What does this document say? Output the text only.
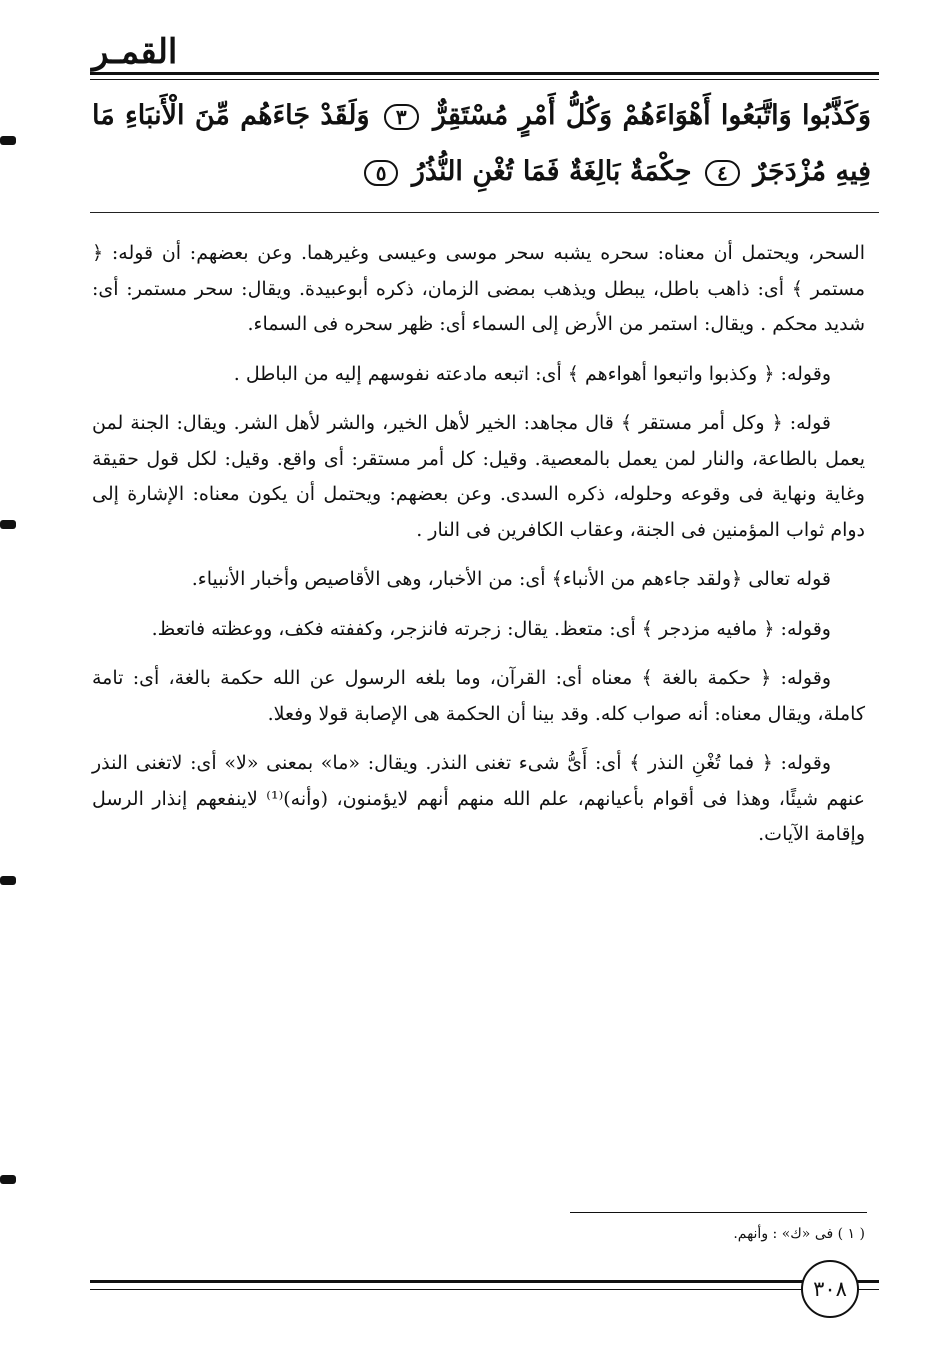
القمـر
وَكَذَّبُوا وَاتَّبَعُوا أَهْوَاءَهُمْ وَكُلُّ أَمْرٍ مُسْتَقِرٌّ ٣ وَلَقَدْ جَاءَهُم مِّنَ الْأَنبَاءِ مَا فِيهِ مُزْدَجَرٌ ٤ حِكْمَةٌ بَالِغَةٌ فَمَا تُغْنِ النُّذُرُ ٥

السحر، ويحتمل أن معناه: سحره يشبه سحر موسى وعيسى وغيرهما. وعن بعضهم: أن قوله: ﴿ مستمر ﴾ أى: ذاهب باطل، يبطل ويذهب بمضى الزمان، ذكره أبوعبيدة. ويقال: سحر مستمر: أى: شديد محكم . ويقال: استمر من الأرض إلى السماء أى: ظهر سحره فى السماء.

وقوله: ﴿ وكذبوا واتبعوا أهواءهم ﴾ أى: اتبعه مادعته نفوسهم إليه من الباطل .

قوله: ﴿ وكل أمر مستقر ﴾ قال مجاهد: الخير لأهل الخير، والشر لأهل الشر. ويقال: الجنة لمن يعمل بالطاعة، والنار لمن يعمل بالمعصية. وقيل: كل أمر مستقر: أى واقع. وقيل: لكل قول حقيقة وغاية ونهاية فى وقوعه وحلوله، ذكره السدى. وعن بعضهم: ويحتمل أن يكون معناه: الإشارة إلى دوام ثواب المؤمنين فى الجنة، وعقاب الكافرين فى النار .

قوله تعالى ﴿ولقد جاءهم من الأنباء﴾ أى: من الأخبار، وهى الأقاصيص وأخبار الأنبياء.

وقوله: ﴿ مافيه مزدجر ﴾ أى: متعظ. يقال: زجرته فانزجر، وكففته فكف، ووعظته فاتعظ.

وقوله: ﴿ حكمة بالغة ﴾ معناه أى: القرآن، وما بلغه الرسول عن الله حكمة بالغة، أى: تامة كاملة، ويقال معناه: أنه صواب كله. وقد بينا أن الحكمة هى الإصابة قولا وفعلا.

وقوله: ﴿ فما تُغْنِ النذر ﴾ أى: أَىُّ شىء تغنى النذر. ويقال: «ما» بمعنى «لا» أى: لاتغنى النذر عنهم شيئًا، وهذا فى أقوام بأعيانهم، علم الله منهم أنهم لايؤمنون، (وأنه)⁽¹⁾ لاينفعهم إنذار الرسل وإقامة الآيات.

( ١ ) فى «ك» : وأنهم.
٣٠٨
